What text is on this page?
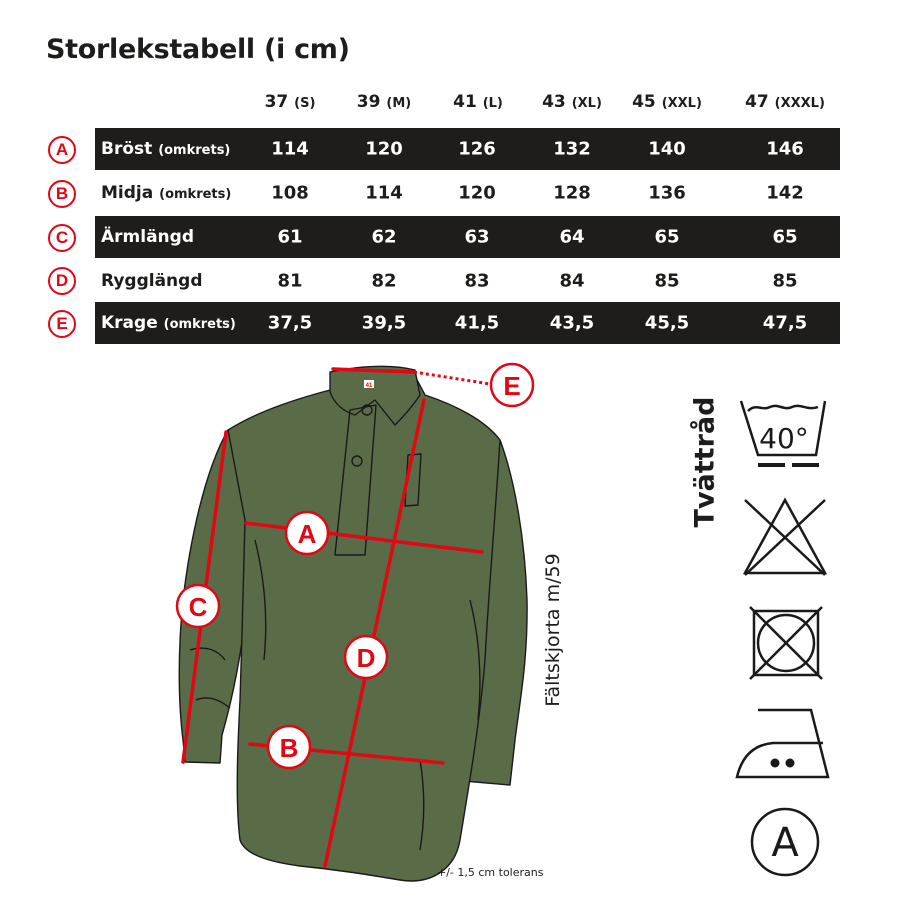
Storlekstabell (i cm)
37 (S) 39 (M) 41 (L) 43 (XL) 45 (XXL)	47 (XXXL)
A
B
C
D
E
Bröst (omkrets) 114	120	126	132	140	146
Midja (omkrets) 108	114	120	128	136	142
Ärmlängd	61	62	63	64	65	65
Rygglängd	81	82	83	84	85	85
Krage (omkrets) 37,5	39,5	41,5	43,5	45,5	47,5
41	E
A
C
D
B
Fältskjorta m/59
+/- 1,5 cm tolerans
Tvättråd 40°
A
